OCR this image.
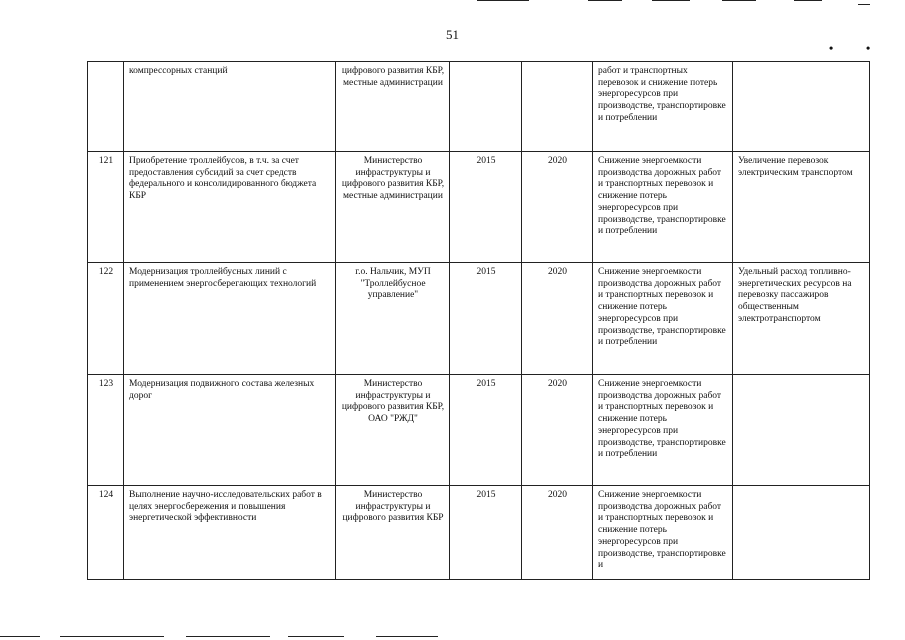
51
•	•
	компрессорных станций	цифрового развития КБР, местные администрации			работ и транспортных перевозок и снижение потерь энергоресурсов при производстве, транспортировке и потреблении	
121	Приобретение троллейбусов, в т.ч. за счет предоставления субсидий за счет средств федерального и консолидированного бюджета КБР	Министерство инфраструктуры и цифрового развития КБР, местные администрации	2015	2020	Снижение энергоемкости производства дорожных работ и транспортных перевозок и снижение потерь энергоресурсов при производстве, транспортировке и потреблении	Увеличение перевозок электрическим транспортом
122	Модернизация троллейбусных линий с применением энергосберегающих технологий	г.о. Нальчик, МУП "Троллейбусное управление"	2015	2020	Снижение энергоемкости производства дорожных работ и транспортных перевозок и снижение потерь энергоресурсов при производстве, транспортировке и потреблении	Удельный расход топливно-энергетических ресурсов на перевозку пассажиров общественным электротранспортом
123	Модернизация подвижного состава железных дорог	Министерство инфраструктуры и цифрового развития КБР, ОАО "РЖД"	2015	2020	Снижение энергоемкости производства дорожных работ и транспортных перевозок и снижение потерь энергоресурсов при производстве, транспортировке и потреблении	
124	Выполнение научно-исследовательских работ в целях энергосбережения и повышения энергетической эффективности	Министерство инфраструктуры и цифрового развития КБР	2015	2020	Снижение энергоемкости производства дорожных работ и транспортных перевозок и снижение потерь энергоресурсов при производстве, транспортировке и	
